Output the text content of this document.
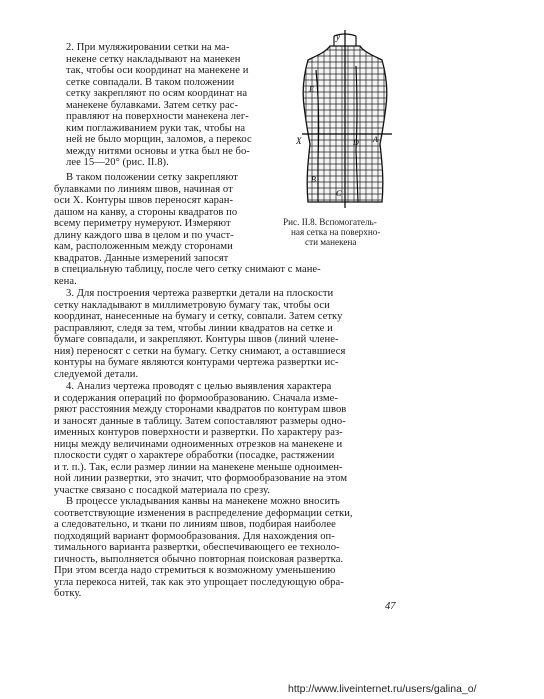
2. При муляжировании сетки на ма-
некене сетку накладывают на манекен
так, чтобы оси координат на манекене и
сетке совпадали. В таком положении
сетку закрепляют по осям координат на
манекене булавками. Затем сетку рас-
правляют на поверхности манекена лег-
ким поглаживанием руки так, чтобы на
ней не было морщин, заломов, а перекос
между нитями основы и утка был не бо-
лее 15—20° (рис. II.8).
В таком положении сетку закрепляют
булавками по линиям швов, начиная от
оси X. Контуры швов переносят каран-
дашом на канву, а стороны квадратов по
всему периметру нумеруют. Измеряют
длину каждого шва в целом и по участ-
кам, расположенным между сторонами
квадратов. Данные измерений запосят
в специальную таблицу, после чего сетку снимают с мане-
кена.
3. Для построения чертежа развертки детали на плоскости
сетку накладывают в миллиметровую бумагу так, чтобы оси
координат, нанесенные на бумагу и сетку, совпали. Затем сетку
расправляют, следя за тем, чтобы линии квадратов на сетке и
бумаге совпадали, и закрепляют. Контуры швов (линий члене-
ния) переносят с сетки на бумагу. Сетку снимают, а оставшиеся
контуры на бумаге являются контурами чертежа развертки ис-
следуемой детали.
4. Анализ чертежа проводят с целью выявления характера
и содержания операций по формообразованию. Сначала изме-
ряют расстояния между сторонами квадратов по контурам швов
и заносят данные в таблицу. Затем сопоставляют размеры одно-
именных контуров поверхности и развертки. По характеру раз-
ницы между величинами одноименных отрезков на манекене и
плоскости судят о характере обработки (посадке, растяжении
и т. п.). Так, если размер линии на манекене меньше одноимен-
ной линии развертки, это значит, что формообразование на этом
участке связано с посадкой материала по срезу.
В процессе укладывания канвы на манекене можно вносить
соответствующие изменения в распределение деформации сетки,
а следовательно, и ткани по линиям швов, подбирая наиболее
подходящий вариант формообразования. Для нахождения оп-
тимального варианта развертки, обеспечивающего ее техноло-
гичность, выполняется обычно повторная поисковая развертка.
При этом всегда надо стремиться к возможному уменьшению
угла перекоса нитей, так как это упрощает последующую обра-
ботку.
y
E
X	D A
B
C
Рис. II.8. Вспомогатель-
ная сетка на поверхно-
сти манекена
47
http://www.liveinternet.ru/users/galina_o/
